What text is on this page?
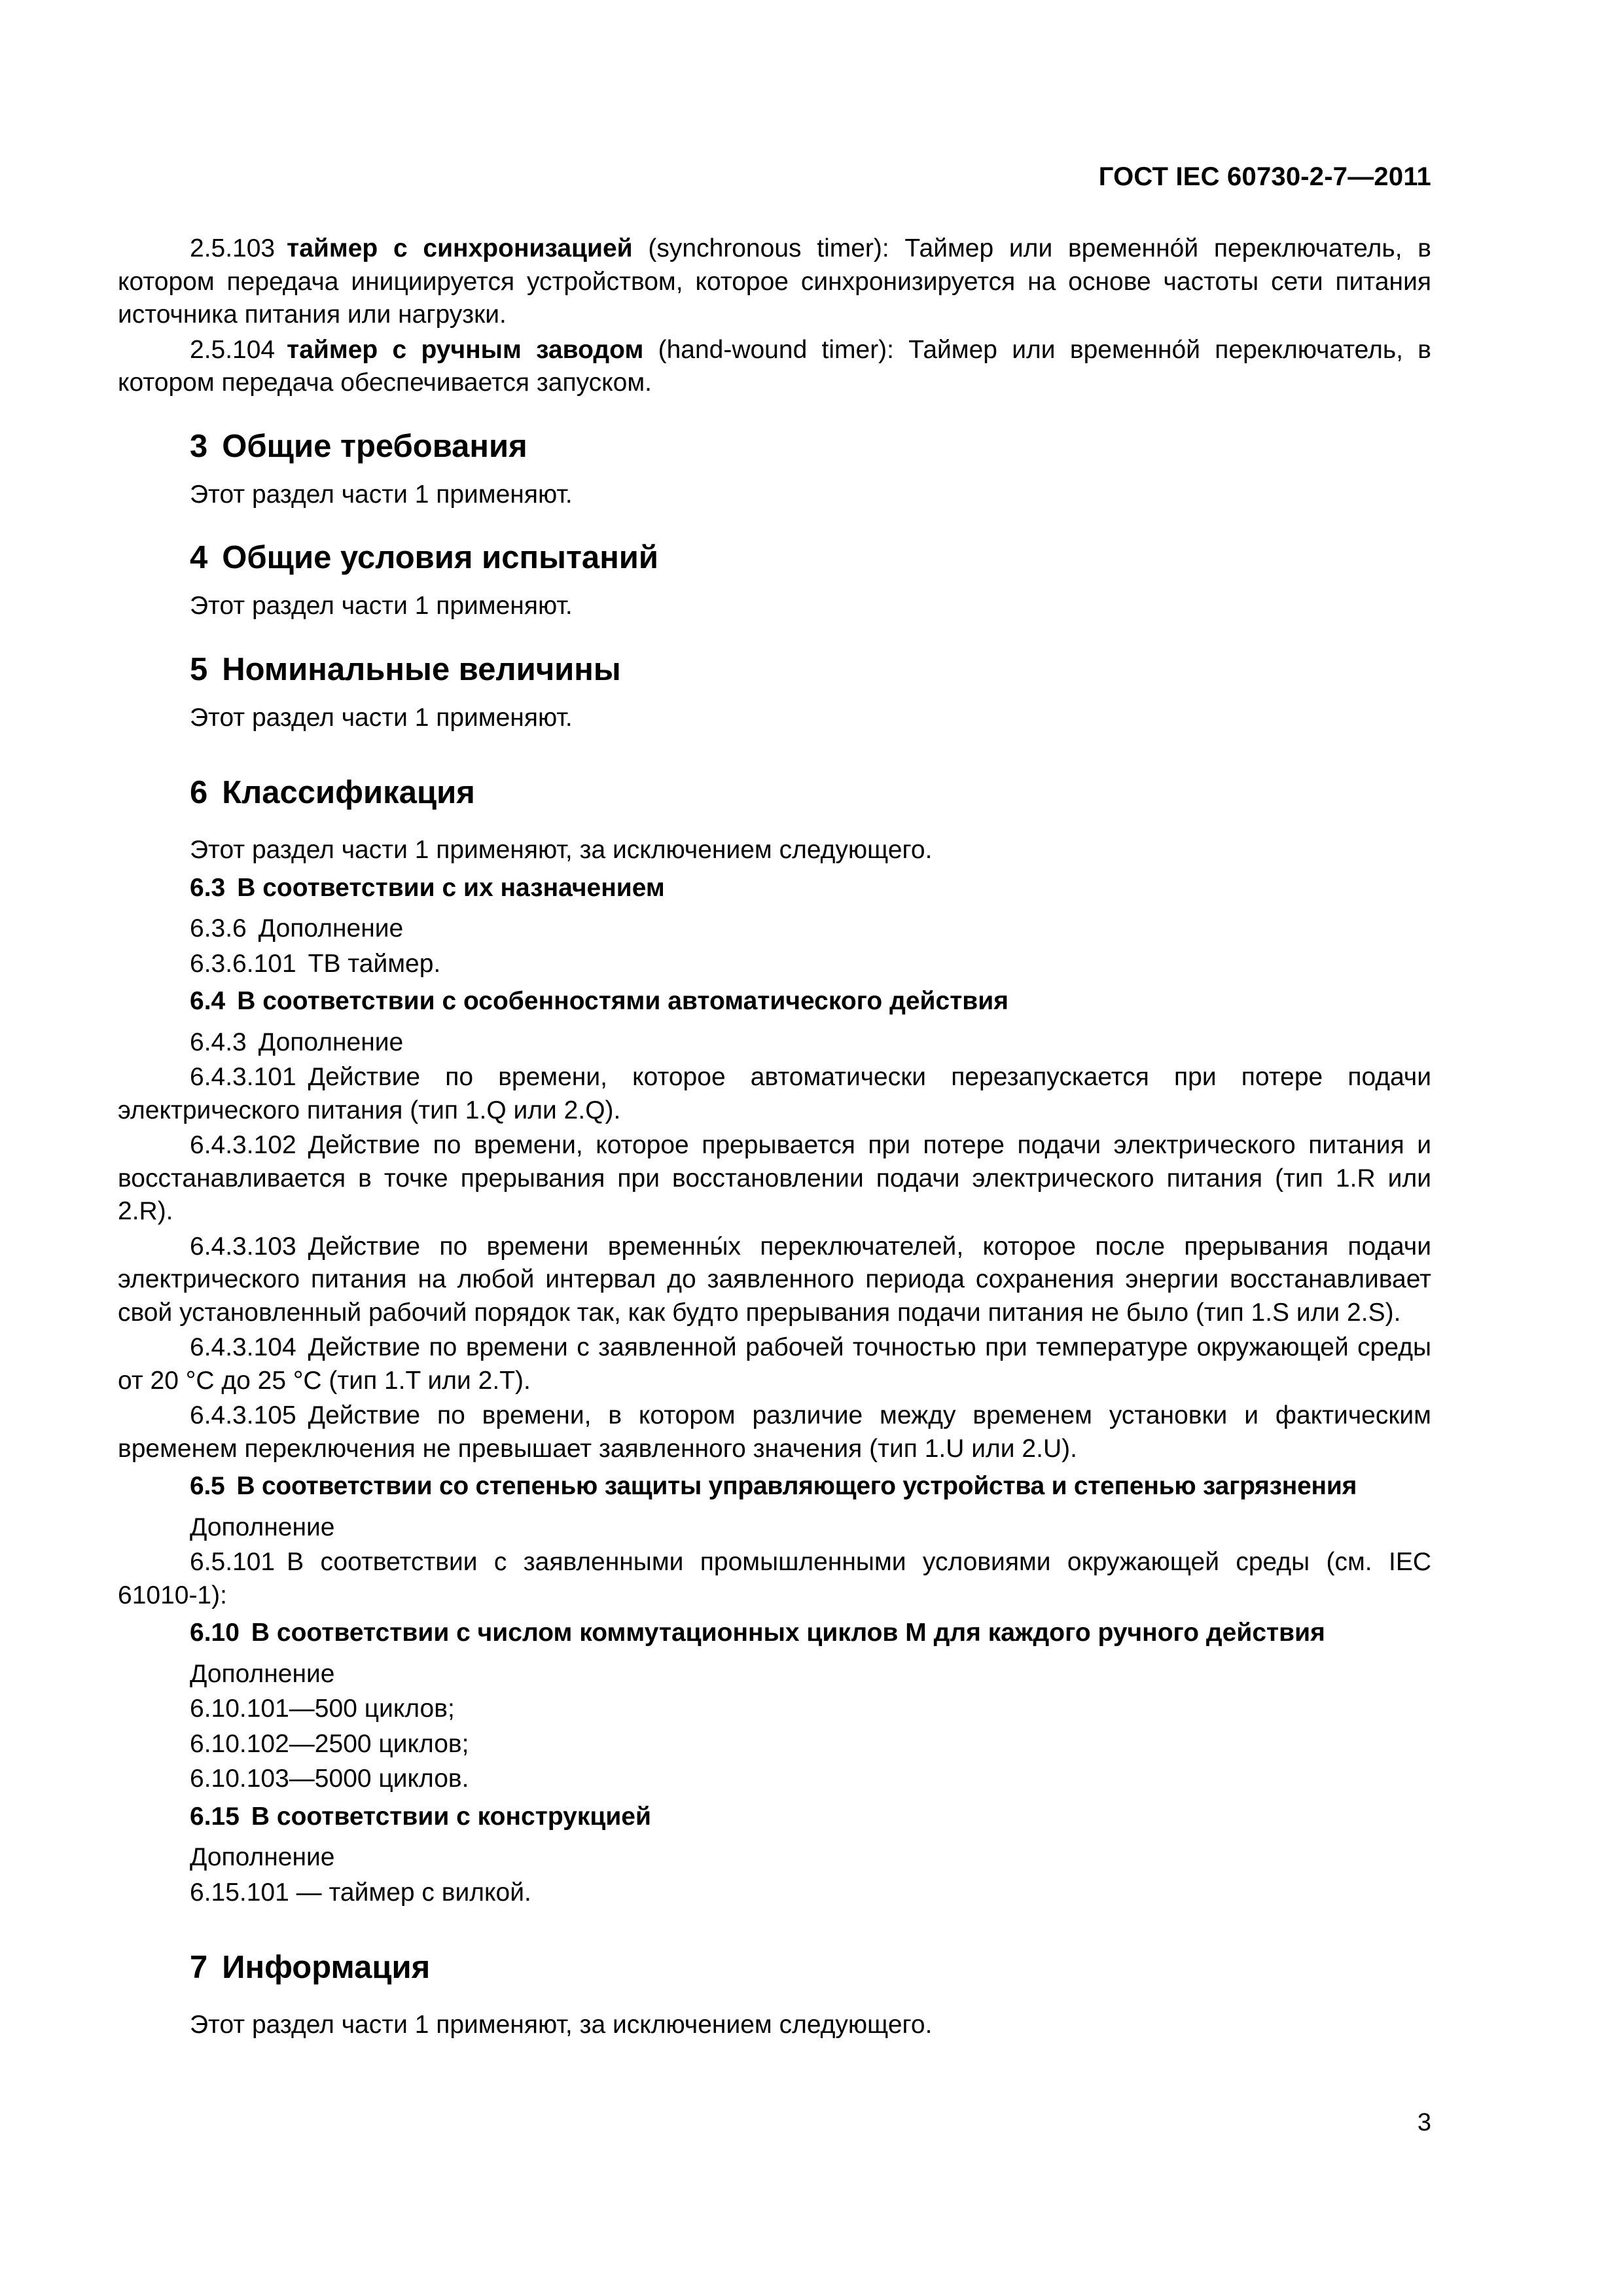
ГОСТ IEC 60730-2-7—2011

2.5.103 таймер с синхронизацией (synchronous timer): Таймер или временно́й переключатель, в котором передача инициируется устройством, которое синхронизируется на основе частоты сети питания источника питания или нагрузки.

2.5.104 таймер с ручным заводом (hand-wound timer): Таймер или временно́й переключатель, в котором передача обеспечивается запуском.

3 Общие требования

Этот раздел части 1 применяют.

4 Общие условия испытаний

Этот раздел части 1 применяют.

5 Номинальные величины

Этот раздел части 1 применяют.

6 Классификация

Этот раздел части 1 применяют, за исключением следующего.

6.3 В соответствии с их назначением

6.3.6 Дополнение

6.3.6.101 ТВ таймер.

6.4 В соответствии с особенностями автоматического действия

6.4.3 Дополнение

6.4.3.101 Действие по времени, которое автоматически перезапускается при потере подачи электрического питания (тип 1.Q или 2.Q).

6.4.3.102 Действие по времени, которое прерывается при потере подачи электрического питания и восстанавливается в точке прерывания при восстановлении подачи электрического питания (тип 1.R или 2.R).

6.4.3.103 Действие по времени временны́х переключателей, которое после прерывания подачи электрического питания на любой интервал до заявленного периода сохранения энергии восстанавливает свой установленный рабочий порядок так, как будто прерывания подачи питания не было (тип 1.S или 2.S).

6.4.3.104 Действие по времени с заявленной рабочей точностью при температуре окружающей среды от 20 °C до 25 °C (тип 1.T или 2.T).

6.4.3.105 Действие по времени, в котором различие между временем установки и фактическим временем переключения не превышает заявленного значения (тип 1.U или 2.U).

6.5 В соответствии со степенью защиты управляющего устройства и степенью загрязнения

Дополнение

6.5.101 В соответствии с заявленными промышленными условиями окружающей среды (см. IEC 61010-1):

6.10 В соответствии с числом коммутационных циклов М для каждого ручного действия

Дополнение

6.10.101—500 циклов;

6.10.102—2500 циклов;

6.10.103—5000 циклов.

6.15 В соответствии с конструкцией

Дополнение

6.15.101 — таймер с вилкой.

7 Информация

Этот раздел части 1 применяют, за исключением следующего.

3
